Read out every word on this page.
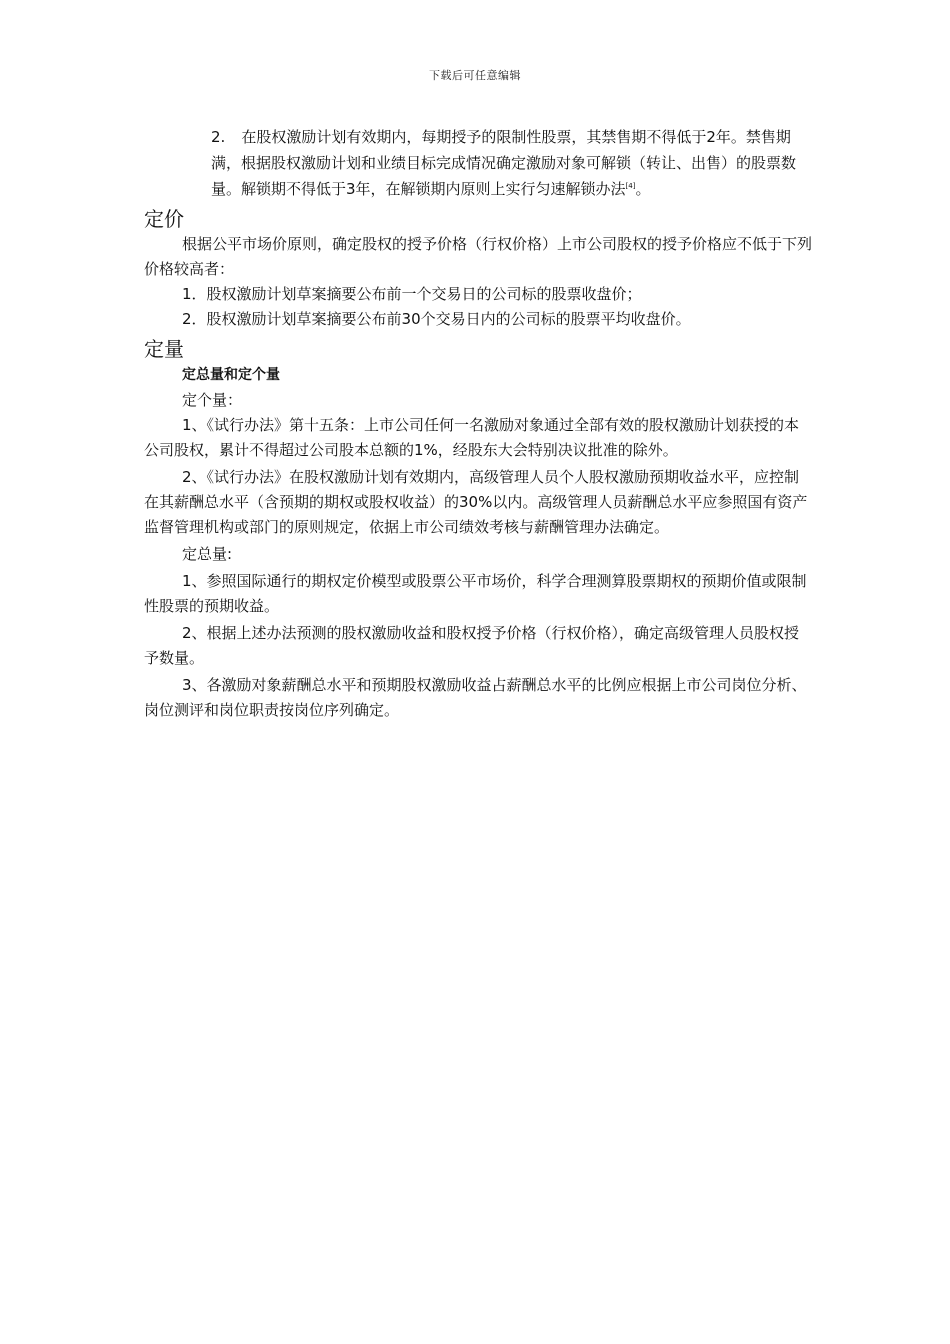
下载后可任意编辑
2. 在股权激励计划有效期内，每期授予的限制性股票，其禁售期不得低于2年。禁售期满，根据股权激励计划和业绩目标完成情况确定激励对象可解锁（转让、出售）的股票数量。解锁期不得低于3年，在解锁期内原则上实行匀速解锁办法[4]。
定价

根据公平市场价原则，确定股权的授予价格（行权价格）上市公司股权的授予价格应不低于下列价格较高者：

1．股权激励计划草案摘要公布前一个交易日的公司标的股票收盘价；

2．股权激励计划草案摘要公布前30个交易日内的公司标的股票平均收盘价。

定量

定总量和定个量

定个量：

1、《试行办法》第十五条：上市公司任何一名激励对象通过全部有效的股权激励计划获授的本公司股权，累计不得超过公司股本总额的1%，经股东大会特别决议批准的除外。

2、《试行办法》在股权激励计划有效期内，高级管理人员个人股权激励预期收益水平，应控制在其薪酬总水平（含预期的期权或股权收益）的30%以内。高级管理人员薪酬总水平应参照国有资产监督管理机构或部门的原则规定，依据上市公司绩效考核与薪酬管理办法确定。

定总量:

1、参照国际通行的期权定价模型或股票公平市场价，科学合理测算股票期权的预期价值或限制性股票的预期收益。

2、根据上述办法预测的股权激励收益和股权授予价格（行权价格），确定高级管理人员股权授予数量。

3、各激励对象薪酬总水平和预期股权激励收益占薪酬总水平的比例应根据上市公司岗位分析、岗位测评和岗位职责按岗位序列确定。
